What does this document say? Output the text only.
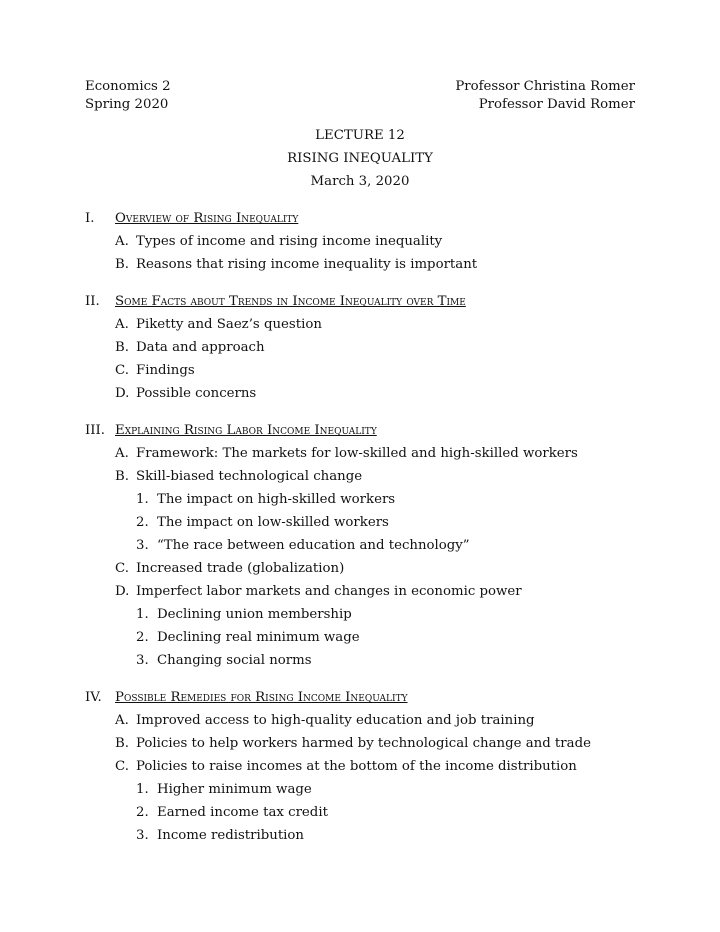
Economics 2
Spring 2020
Professor Christina Romer
Professor David Romer
LECTURE 12
RISING INEQUALITY
March 3, 2020
I.	Overview of Rising Inequality
A. Types of income and rising income inequality
B. Reasons that rising income inequality is important
II.	Some Facts about Trends in Income Inequality over Time
A. Piketty and Saez’s question
B. Data and approach
C. Findings
D. Possible concerns
III. Explaining Rising Labor Income Inequality
A. Framework: The markets for low-skilled and high-skilled workers
B. Skill-biased technological change
1. The impact on high-skilled workers
2. The impact on low-skilled workers
3. “The race between education and technology”
C. Increased trade (globalization)
D. Imperfect labor markets and changes in economic power
1. Declining union membership
2. Declining real minimum wage
3. Changing social norms
IV. Possible Remedies for Rising Income Inequality
A. Improved access to high-quality education and job training
B. Policies to help workers harmed by technological change and trade
C. Policies to raise incomes at the bottom of the income distribution
1. Higher minimum wage
2. Earned income tax credit
3. Income redistribution
